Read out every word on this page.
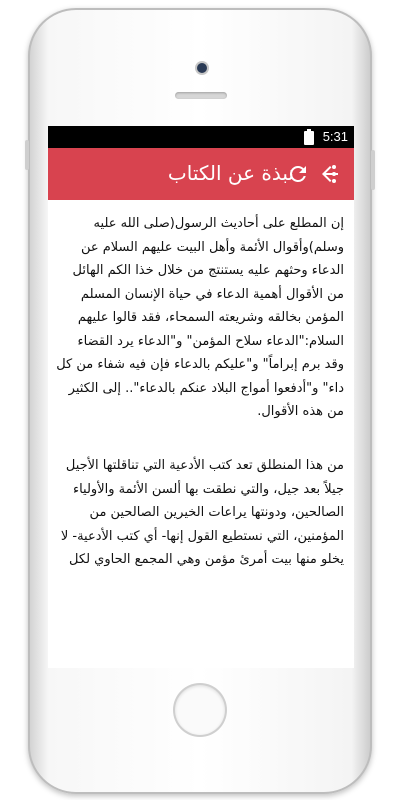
5:31
نبذة عن الكتاب

إن المطلع على أحاديث الرسول(صلى الله عليه وسلم)وأقوال الأئمة وأهل البيت عليهم السلام عن الدعاء وحثهم عليه يستنتج من خلال خذا الكم الهائل من الأقوال أهمية الدعاء في حياة الإنسان المسلم المؤمن بخالقه وشريعته السمحاء، فقد قالوا عليهم السلام:"الدعاء سلاح المؤمن" و"الدعاء يرد القضاء وقد برم إبراماً" و"عليكم بالدعاء فإن فيه شفاء من كل داء" و"أدفعوا أمواج البلاد عنكم بالدعاء".. إلى الكثير من هذه الأقوال.

من هذا المنطلق تعد كتب الأدعية التي تناقلتها الأجيل جيلاً بعد جيل، والتي نطقت بها ألسن الأئمة والأولياء الصالحين، ودونتها يراعات الخيرين الصالحين من المؤمنين، التي نستطيع القول إنها- أي كتب الأدعية- لا يخلو منها بيت أمرئ مؤمن وهي المجمع الحاوي لكل
